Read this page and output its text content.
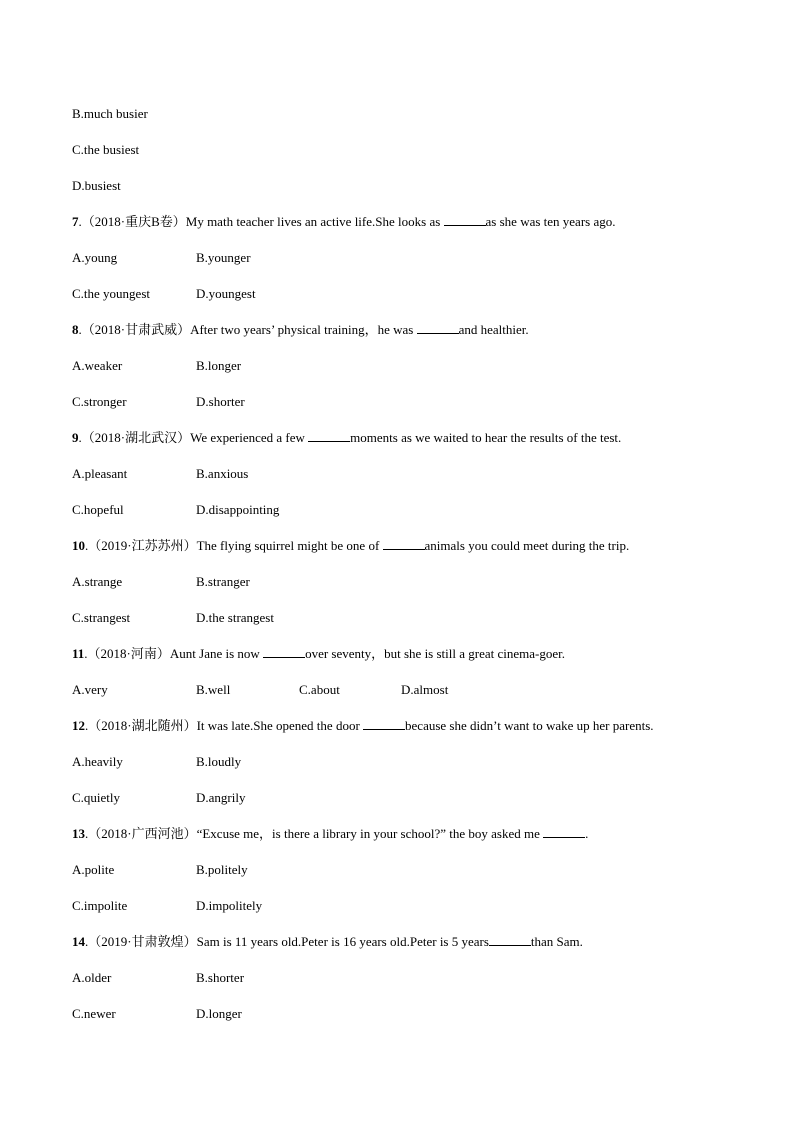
B.much busier
C.the busiest
D.busiest
7.（2018·重庆B卷）My math teacher lives an active life.She looks as	as she was ten years ago.
A.young	B.younger
C.the youngest	D.youngest
8.（2018·甘肃武威）After two years’ physical training，he was	and healthier.
A.weaker	B.longer
C.stronger	D.shorter
9.（2018·湖北武汉）We experienced a few	moments as we waited to hear the results of the test.
A.pleasant	B.anxious
C.hopeful	D.disappointing
10.（2019·江苏苏州）The flying squirrel might be one of	animals you could meet during the trip.
A.strange	B.stranger
C.strangest	D.the strangest
11.（2018·河南）Aunt Jane is now	over seventy，but she is still a great cinema-goer.
A.very	B.well	C.about	D.almost
12.（2018·湖北随州）It was late.She opened the door	because she didn’t want to wake up her parents.
A.heavily	B.loudly
C.quietly	D.angrily
13.（2018·广西河池）“Excuse me，is there a library in your school?” the boy asked me	.
A.polite	B.politely
C.impolite	D.impolitely
14.（2019·甘肃敦煌）Sam is 11 years old.Peter is 16 years old.Peter is 5 years	than Sam.
A.older	B.shorter
C.newer	D.longer
